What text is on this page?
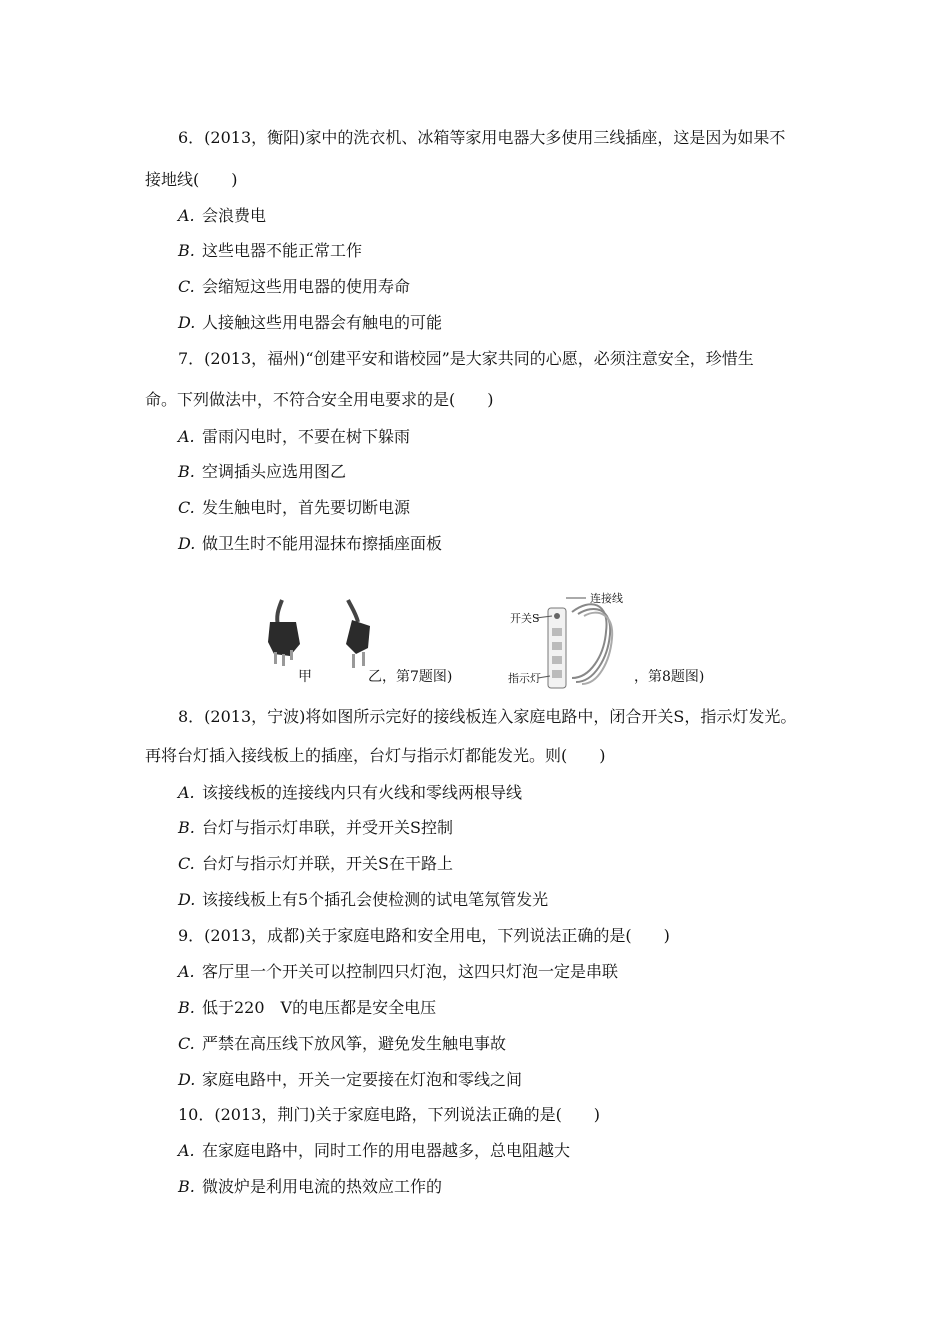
6．(2013，衡阳)家中的洗衣机、冰箱等家用电器大多使用三线插座，这是因为如果不
接地线(　　)
A. 会浪费电
B. 这些电器不能正常工作
C. 会缩短这些用电器的使用寿命
D. 人接触这些用电器会有触电的可能
7．(2013，福州)“创建平安和谐校园”是大家共同的心愿，必须注意安全，珍惜生
命。下列做法中，不符合安全用电要求的是(　　)
A. 雷雨闪电时，不要在树下躲雨
B. 空调插头应选用图乙
C. 发生触电时，首先要切断电源
D. 做卫生时不能用湿抹布擦插座面板
甲	乙 ，第7题图)
开关S
连接线
指示灯	，第8题图)
8．(2013，宁波)将如图所示完好的接线板连入家庭电路中，闭合开关S，指示灯发光。
再将台灯插入接线板上的插座，台灯与指示灯都能发光。则(　　)
A. 该接线板的连接线内只有火线和零线两根导线
B. 台灯与指示灯串联，并受开关S控制
C. 台灯与指示灯并联，开关S在干路上
D. 该接线板上有5个插孔会使检测的试电笔氖管发光
9．(2013，成都)关于家庭电路和安全用电，下列说法正确的是(　　)
A. 客厅里一个开关可以控制四只灯泡，这四只灯泡一定是串联
B. 低于220　V的电压都是安全电压
C. 严禁在高压线下放风筝，避免发生触电事故
D. 家庭电路中，开关一定要接在灯泡和零线之间
10．(2013，荆门)关于家庭电路，下列说法正确的是(　　)
A. 在家庭电路中，同时工作的用电器越多，总电阻越大
B. 微波炉是利用电流的热效应工作的
